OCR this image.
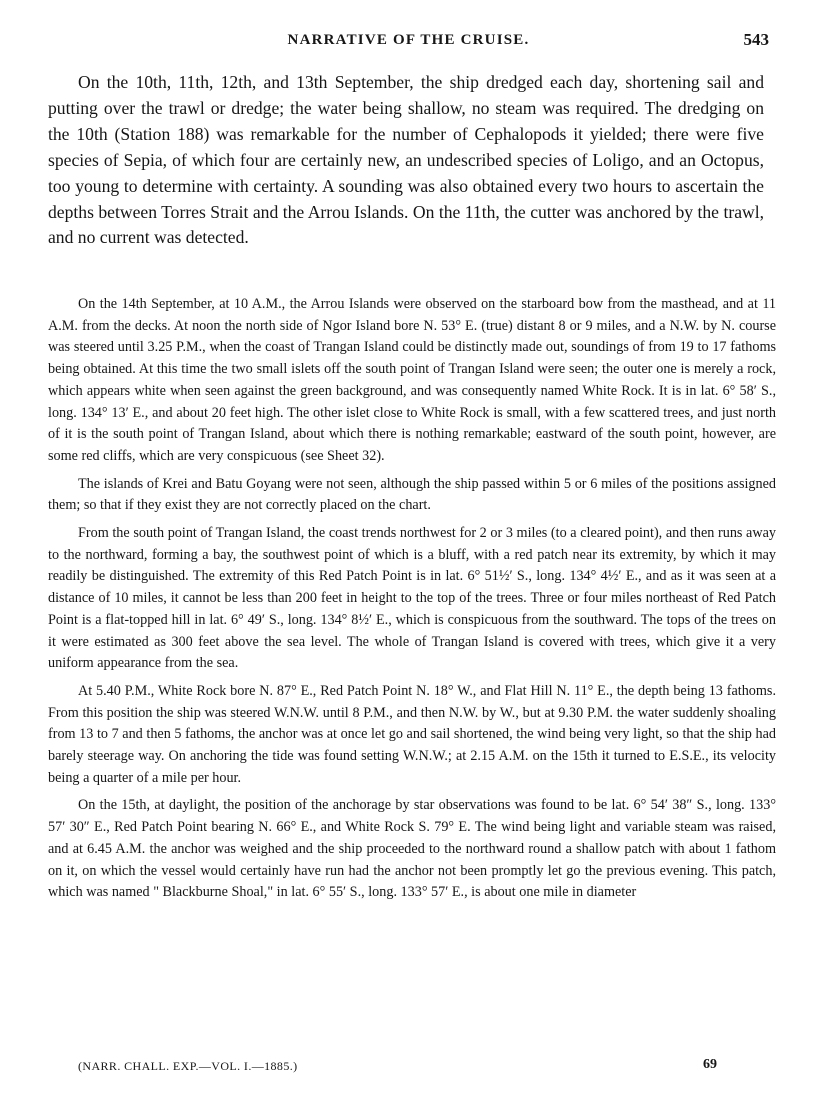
NARRATIVE OF THE CRUISE.	543

On the 10th, 11th, 12th, and 13th September, the ship dredged each day, shortening sail and putting over the trawl or dredge; the water being shallow, no steam was required. The dredging on the 10th (Station 188) was remarkable for the number of Cephalopods it yielded; there were five species of Sepia, of which four are certainly new, an undescribed species of Loligo, and an Octopus, too young to determine with certainty. A sounding was also obtained every two hours to ascertain the depths between Torres Strait and the Arrou Islands. On the 11th, the cutter was anchored by the trawl, and no current was detected.

On the 14th September, at 10 A.M., the Arrou Islands were observed on the starboard bow from the masthead, and at 11 A.M. from the decks. At noon the north side of Ngor Island bore N. 53° E. (true) distant 8 or 9 miles, and a N.W. by N. course was steered until 3.25 P.M., when the coast of Trangan Island could be distinctly made out, soundings of from 19 to 17 fathoms being obtained. At this time the two small islets off the south point of Trangan Island were seen; the outer one is merely a rock, which appears white when seen against the green background, and was consequently named White Rock. It is in lat. 6° 58′ S., long. 134° 13′ E., and about 20 feet high. The other islet close to White Rock is small, with a few scattered trees, and just north of it is the south point of Trangan Island, about which there is nothing remarkable; eastward of the south point, however, are some red cliffs, which are very conspicuous (see Sheet 32).

The islands of Krei and Batu Goyang were not seen, although the ship passed within 5 or 6 miles of the positions assigned them; so that if they exist they are not correctly placed on the chart.

From the south point of Trangan Island, the coast trends northwest for 2 or 3 miles (to a cleared point), and then runs away to the northward, forming a bay, the southwest point of which is a bluff, with a red patch near its extremity, by which it may readily be distinguished. The extremity of this Red Patch Point is in lat. 6° 51½′ S., long. 134° 4½′ E., and as it was seen at a distance of 10 miles, it cannot be less than 200 feet in height to the top of the trees. Three or four miles northeast of Red Patch Point is a flat-topped hill in lat. 6° 49′ S., long. 134° 8½′ E., which is conspicuous from the southward. The tops of the trees on it were estimated as 300 feet above the sea level. The whole of Trangan Island is covered with trees, which give it a very uniform appearance from the sea.

At 5.40 P.M., White Rock bore N. 87° E., Red Patch Point N. 18° W., and Flat Hill N. 11° E., the depth being 13 fathoms. From this position the ship was steered W.N.W. until 8 P.M., and then N.W. by W., but at 9.30 P.M. the water suddenly shoaling from 13 to 7 and then 5 fathoms, the anchor was at once let go and sail shortened, the wind being very light, so that the ship had barely steerage way. On anchoring the tide was found setting W.N.W.; at 2.15 A.M. on the 15th it turned to E.S.E., its velocity being a quarter of a mile per hour.

On the 15th, at daylight, the position of the anchorage by star observations was found to be lat. 6° 54′ 38″ S., long. 133° 57′ 30″ E., Red Patch Point bearing N. 66° E., and White Rock S. 79° E. The wind being light and variable steam was raised, and at 6.45 A.M. the anchor was weighed and the ship proceeded to the northward round a shallow patch with about 1 fathom on it, on which the vessel would certainly have run had the anchor not been promptly let go the previous evening. This patch, which was named " Blackburne Shoal," in lat. 6° 55′ S., long. 133° 57′ E., is about one mile in diameter

(NARR. CHALL. EXP.—VOL. I.—1885.)	69
